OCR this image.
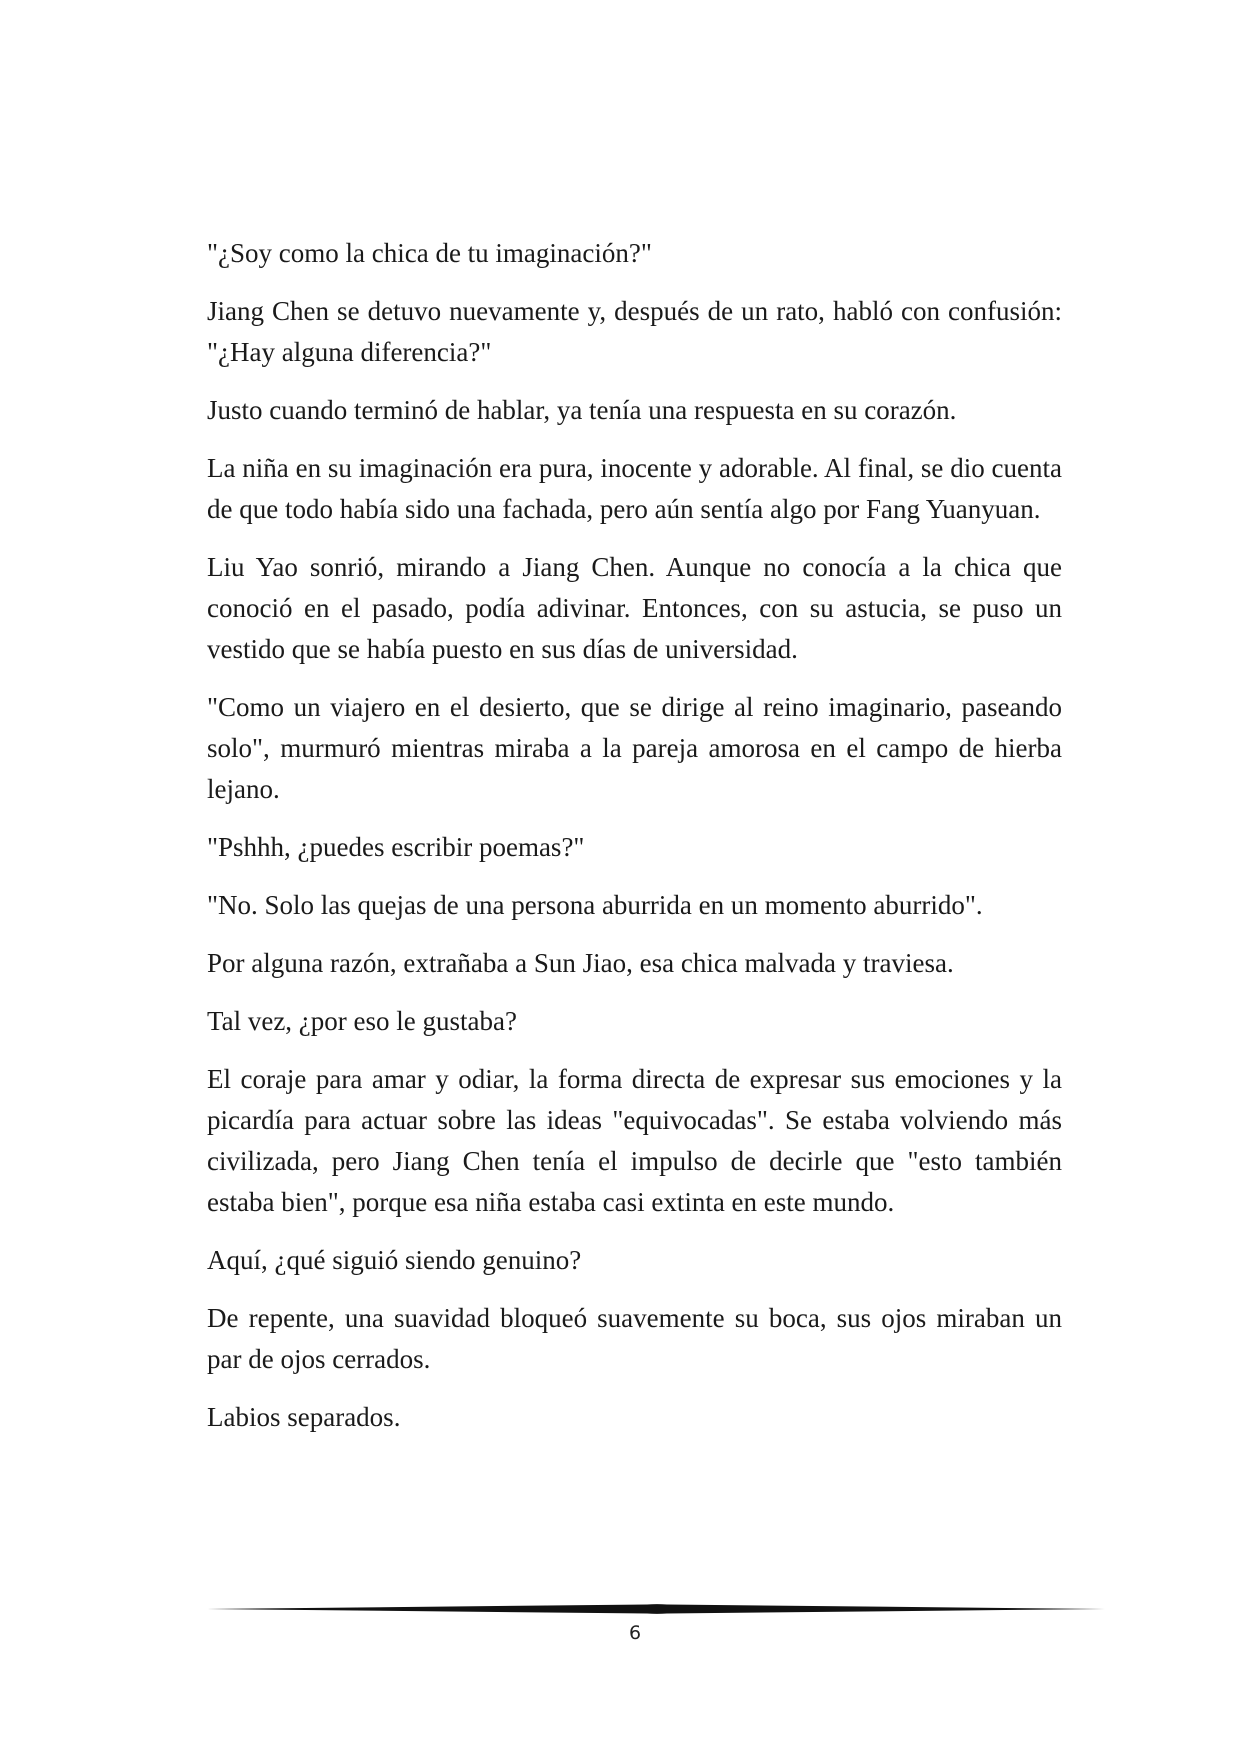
"¿Soy como la chica de tu imaginación?"

Jiang Chen se detuvo nuevamente y, después de un rato, habló con confusión: "¿Hay alguna diferencia?"

Justo cuando terminó de hablar, ya tenía una respuesta en su corazón.

La niña en su imaginación era pura, inocente y adorable. Al final, se dio cuenta de que todo había sido una fachada, pero aún sentía algo por Fang Yuanyuan.

Liu Yao sonrió, mirando a Jiang Chen. Aunque no conocía a la chica que conoció en el pasado, podía adivinar. Entonces, con su astucia, se puso un vestido que se había puesto en sus días de universidad.

"Como un viajero en el desierto, que se dirige al reino imaginario, paseando solo", murmuró mientras miraba a la pareja amorosa en el campo de hierba lejano.

"Pshhh, ¿puedes escribir poemas?"

"No. Solo las quejas de una persona aburrida en un momento aburrido".

Por alguna razón, extrañaba a Sun Jiao, esa chica malvada y traviesa.

Tal vez, ¿por eso le gustaba?

El coraje para amar y odiar, la forma directa de expresar sus emociones y la picardía para actuar sobre las ideas "equivocadas". Se estaba volviendo más civilizada, pero Jiang Chen tenía el impulso de decirle que "esto también estaba bien", porque esa niña estaba casi extinta en este mundo.

Aquí, ¿qué siguió siendo genuino?

De repente, una suavidad bloqueó suavemente su boca, sus ojos miraban un par de ojos cerrados.

Labios separados.

6
